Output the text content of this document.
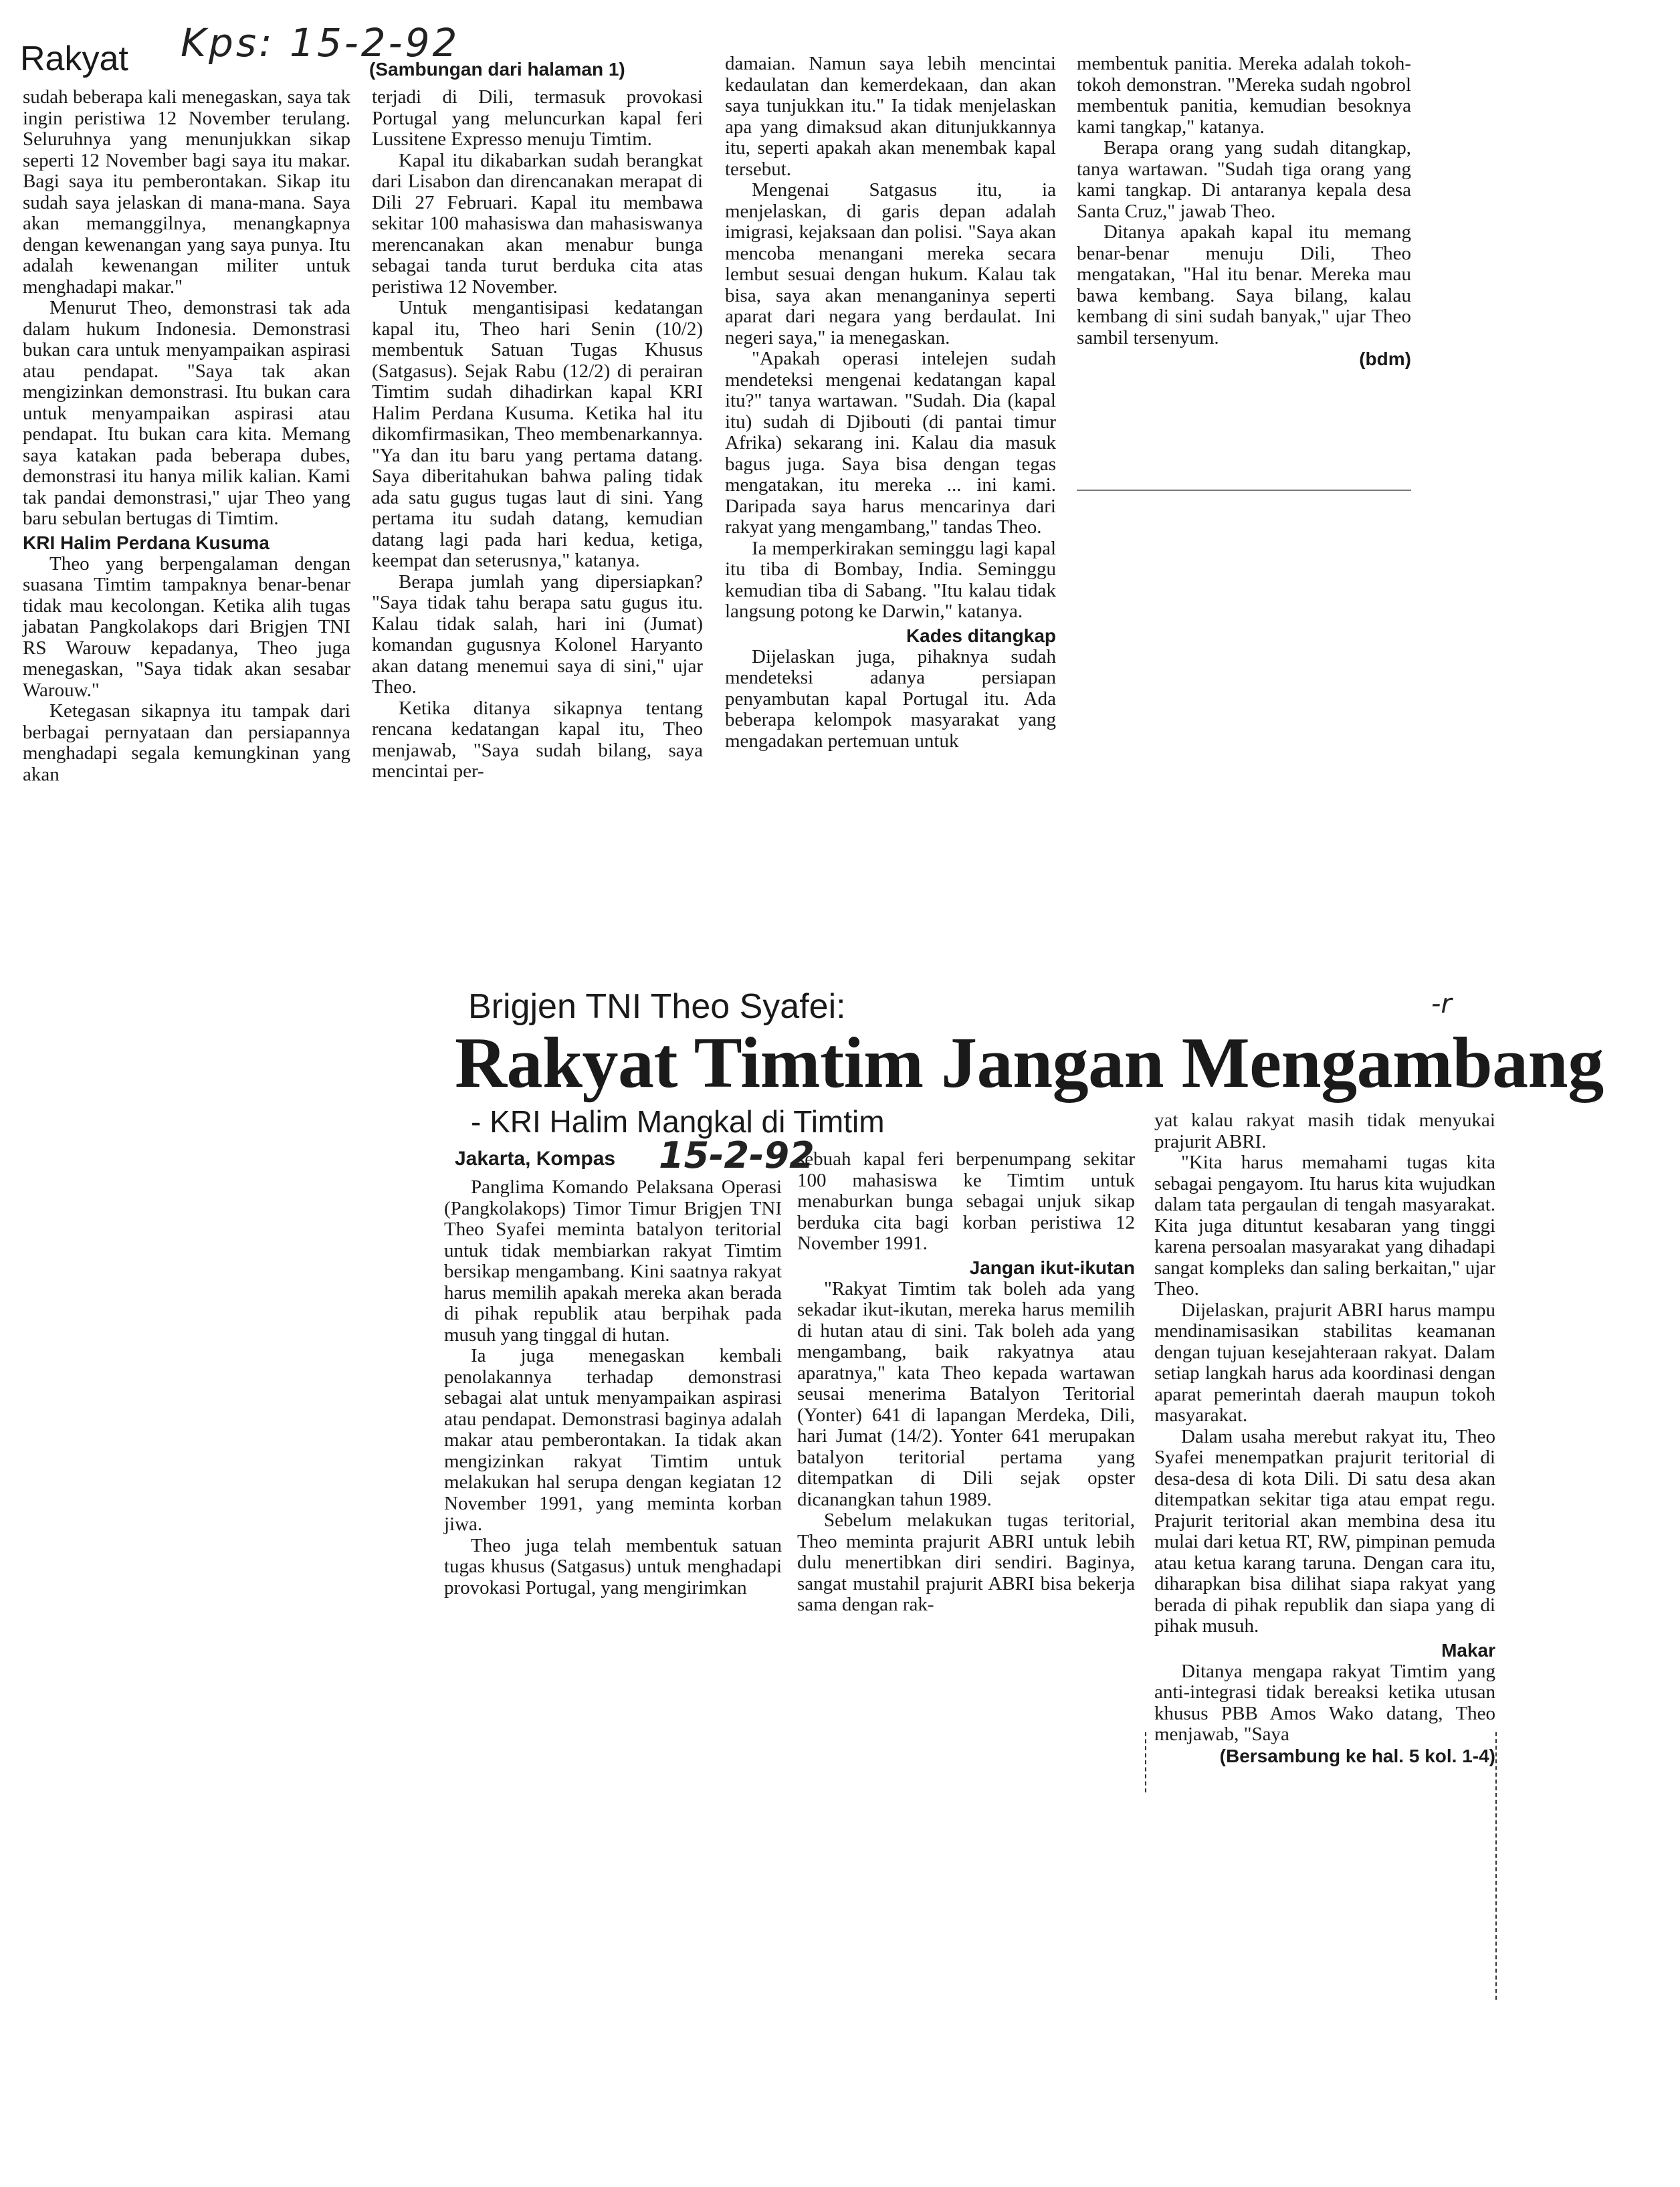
Rakyat Kps: 15-2-92
(Sambungan dari halaman 1)

sudah beberapa kali menegaskan, saya tak ingin peristiwa 12 November terulang. Seluruhnya yang menunjukkan sikap seperti 12 November bagi saya itu makar. Bagi saya itu pemberontakan. Sikap itu sudah saya jelaskan di mana-mana. Saya akan memanggilnya, menangkapnya dengan kewenangan yang saya punya. Itu adalah kewenangan militer untuk menghadapi makar."

Menurut Theo, demonstrasi tak ada dalam hukum Indonesia. Demonstrasi bukan cara untuk menyampaikan aspirasi atau pendapat. "Saya tak akan mengizinkan demonstrasi. Itu bukan cara untuk menyampaikan aspirasi atau pendapat. Itu bukan cara kita. Memang saya katakan pada beberapa dubes, demonstrasi itu hanya milik kalian. Kami tak pandai demonstrasi," ujar Theo yang baru sebulan bertugas di Timtim.

KRI Halim Perdana Kusuma

Theo yang berpengalaman dengan suasana Timtim tampaknya benar-benar tidak mau kecolongan. Ketika alih tugas jabatan Pangkolakops dari Brigjen TNI RS Warouw kepadanya, Theo juga menegaskan, "Saya tidak akan sesabar Warouw."

Ketegasan sikapnya itu tampak dari berbagai pernyataan dan persiapannya menghadapi segala kemungkinan yang akan

terjadi di Dili, termasuk provokasi Portugal yang meluncurkan kapal feri Lussitene Expresso menuju Timtim.

Kapal itu dikabarkan sudah berangkat dari Lisabon dan direncanakan merapat di Dili 27 Februari. Kapal itu membawa sekitar 100 mahasiswa dan mahasiswanya merencanakan akan menabur bunga sebagai tanda turut berduka cita atas peristiwa 12 November.

Untuk mengantisipasi kedatangan kapal itu, Theo hari Senin (10/2) membentuk Satuan Tugas Khusus (Satgasus). Sejak Rabu (12/2) di perairan Timtim sudah dihadirkan kapal KRI Halim Perdana Kusuma. Ketika hal itu dikomfirmasikan, Theo membenarkannya. "Ya dan itu baru yang pertama datang. Saya diberitahukan bahwa paling tidak ada satu gugus tugas laut di sini. Yang pertama itu sudah datang, kemudian datang lagi pada hari kedua, ketiga, keempat dan seterusnya," katanya.

Berapa jumlah yang dipersiapkan? "Saya tidak tahu berapa satu gugus itu. Kalau tidak salah, hari ini (Jumat) komandan gugusnya Kolonel Haryanto akan datang menemui saya di sini," ujar Theo.

Ketika ditanya sikapnya tentang rencana kedatangan kapal itu, Theo menjawab, "Saya sudah bilang, saya mencintai per-

damaian. Namun saya lebih mencintai kedaulatan dan kemerdekaan, dan akan saya tunjukkan itu." Ia tidak menjelaskan apa yang dimaksud akan ditunjukkannya itu, seperti apakah akan menembak kapal tersebut.

Mengenai Satgasus itu, ia menjelaskan, di garis depan adalah imigrasi, kejaksaan dan polisi. "Saya akan mencoba menangani mereka secara lembut sesuai dengan hukum. Kalau tak bisa, saya akan menanganinya seperti aparat dari negara yang berdaulat. Ini negeri saya," ia menegaskan.

"Apakah operasi intelejen sudah mendeteksi mengenai kedatangan kapal itu?" tanya wartawan. "Sudah. Dia (kapal itu) sudah di Djibouti (di pantai timur Afrika) sekarang ini. Kalau dia masuk bagus juga. Saya bisa dengan tegas mengatakan, itu mereka ... ini kami. Daripada saya harus mencarinya dari rakyat yang mengambang," tandas Theo.

Ia memperkirakan seminggu lagi kapal itu tiba di Bombay, India. Seminggu kemudian tiba di Sabang. "Itu kalau tidak langsung potong ke Darwin," katanya.

Kades ditangkap

Dijelaskan juga, pihaknya sudah mendeteksi adanya persiapan penyambutan kapal Portugal itu. Ada beberapa kelompok masyarakat yang mengadakan pertemuan untuk

membentuk panitia. Mereka adalah tokoh-tokoh demonstran. "Mereka sudah ngobrol membentuk panitia, kemudian besoknya kami tangkap," katanya.

Berapa orang yang sudah ditangkap, tanya wartawan. "Sudah tiga orang yang kami tangkap. Di antaranya kepala desa Santa Cruz," jawab Theo.

Ditanya apakah kapal itu memang benar-benar menuju Dili, Theo mengatakan, "Hal itu benar. Mereka mau bawa kembang. Saya bilang, kalau kembang di sini sudah banyak," ujar Theo sambil tersenyum.

(bdm)
Brigjen TNI Theo Syafei:	-r
Rakyat Timtim Jangan Mengambang
- KRI Halim Mangkal di Timtim
Jakarta, Kompas 15-2-92

Panglima Komando Pelaksana Operasi (Pangkolakops) Timor Timur Brigjen TNI Theo Syafei meminta batalyon teritorial untuk tidak membiarkan rakyat Timtim bersikap mengambang. Kini saatnya rakyat harus memilih apakah mereka akan berada di pihak republik atau berpihak pada musuh yang tinggal di hutan.

Ia juga menegaskan kembali penolakannya terhadap demonstrasi sebagai alat untuk menyampaikan aspirasi atau pendapat. Demonstrasi baginya adalah makar atau pemberontakan. Ia tidak akan mengizinkan rakyat Timtim untuk melakukan hal serupa dengan kegiatan 12 November 1991, yang meminta korban jiwa.

Theo juga telah membentuk satuan tugas khusus (Satgasus) untuk menghadapi provokasi Portugal, yang mengirimkan

sebuah kapal feri berpenumpang sekitar 100 mahasiswa ke Timtim untuk menaburkan bunga sebagai unjuk sikap berduka cita bagi korban peristiwa 12 November 1991.

Jangan ikut-ikutan

"Rakyat Timtim tak boleh ada yang sekadar ikut-ikutan, mereka harus memilih di hutan atau di sini. Tak boleh ada yang mengambang, baik rakyatnya atau aparatnya," kata Theo kepada wartawan seusai menerima Batalyon Teritorial (Yonter) 641 di lapangan Merdeka, Dili, hari Jumat (14/2). Yonter 641 merupakan batalyon teritorial pertama yang ditempatkan di Dili sejak opster dicanangkan tahun 1989.

Sebelum melakukan tugas teritorial, Theo meminta prajurit ABRI untuk lebih dulu menertibkan diri sendiri. Baginya, sangat mustahil prajurit ABRI bisa bekerja sama dengan rak-

yat kalau rakyat masih tidak menyukai prajurit ABRI.

"Kita harus memahami tugas kita sebagai pengayom. Itu harus kita wujudkan dalam tata pergaulan di tengah masyarakat. Kita juga dituntut kesabaran yang tinggi karena persoalan masyarakat yang dihadapi sangat kompleks dan saling berkaitan," ujar Theo.

Dijelaskan, prajurit ABRI harus mampu mendinamisasikan stabilitas keamanan dengan tujuan kesejahteraan rakyat. Dalam setiap langkah harus ada koordinasi dengan aparat pemerintah daerah maupun tokoh masyarakat.

Dalam usaha merebut rakyat itu, Theo Syafei menempatkan prajurit teritorial di desa-desa di kota Dili. Di satu desa akan ditempatkan sekitar tiga atau empat regu. Prajurit teritorial akan membina desa itu mulai dari ketua RT, RW, pimpinan pemuda atau ketua karang taruna. Dengan cara itu, diharapkan bisa dilihat siapa rakyat yang berada di pihak republik dan siapa yang di pihak musuh.

Makar

Ditanya mengapa rakyat Timtim yang anti-integrasi tidak bereaksi ketika utusan khusus PBB Amos Wako datang, Theo menjawab, "Saya

(Bersambung ke hal. 5 kol. 1-4)
